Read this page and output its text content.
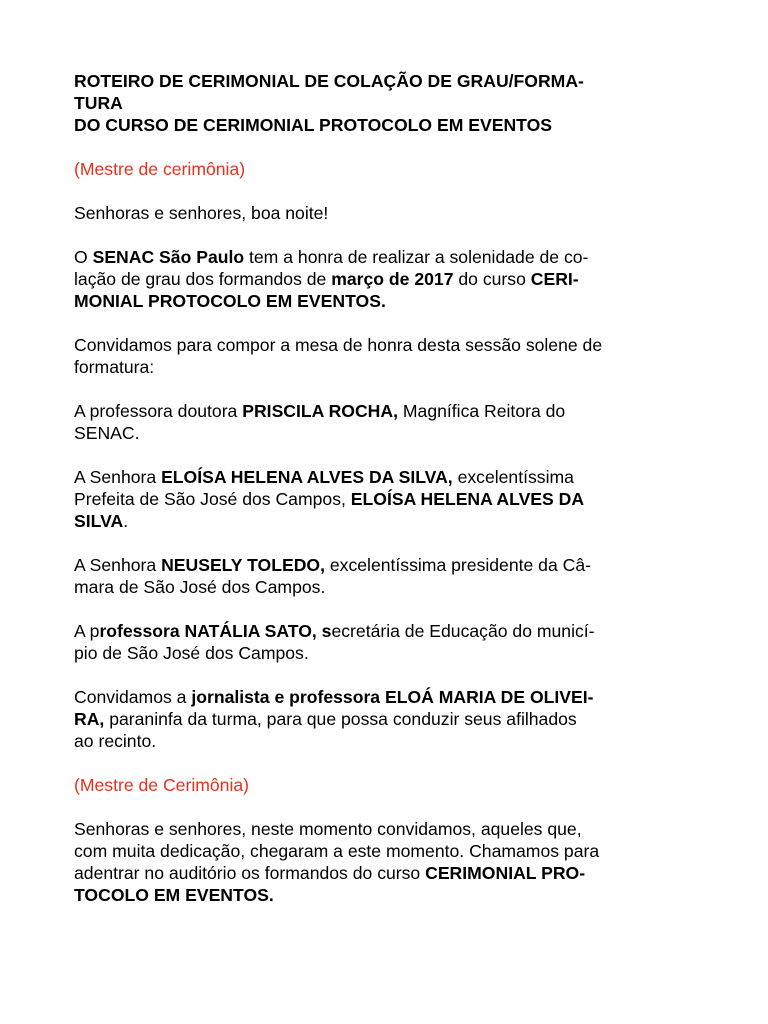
ROTEIRO DE CERIMONIAL DE COLAÇÃO DE GRAU/FORMA-
TURA
DO CURSO DE CERIMONIAL PROTOCOLO EM EVENTOS

(Mestre de cerimônia)

Senhoras e senhores, boa noite!

O SENAC São Paulo tem a honra de realizar a solenidade de co-
lação de grau dos formandos de março de 2017 do curso CERI-
MONIAL PROTOCOLO EM EVENTOS.

Convidamos para compor a mesa de honra desta sessão solene de
formatura:

A professora doutora PRISCILA ROCHA, Magnífica Reitora do
SENAC.

A Senhora ELOÍSA HELENA ALVES DA SILVA, excelentíssima
Prefeita de São José dos Campos, ELOÍSA HELENA ALVES DA
SILVA.

A Senhora NEUSELY TOLEDO, excelentíssima presidente da Câ-
mara de São José dos Campos.

A professora NATÁLIA SATO, secretária de Educação do municí-
pio de São José dos Campos.

Convidamos a jornalista e professora ELOÁ MARIA DE OLIVEI-
RA, paraninfa da turma, para que possa conduzir seus afilhados
ao recinto.

(Mestre de Cerimônia)

Senhoras e senhores, neste momento convidamos, aqueles que,
com muita dedicação, chegaram a este momento. Chamamos para
adentrar no auditório os formandos do curso CERIMONIAL PRO-
TOCOLO EM EVENTOS.
